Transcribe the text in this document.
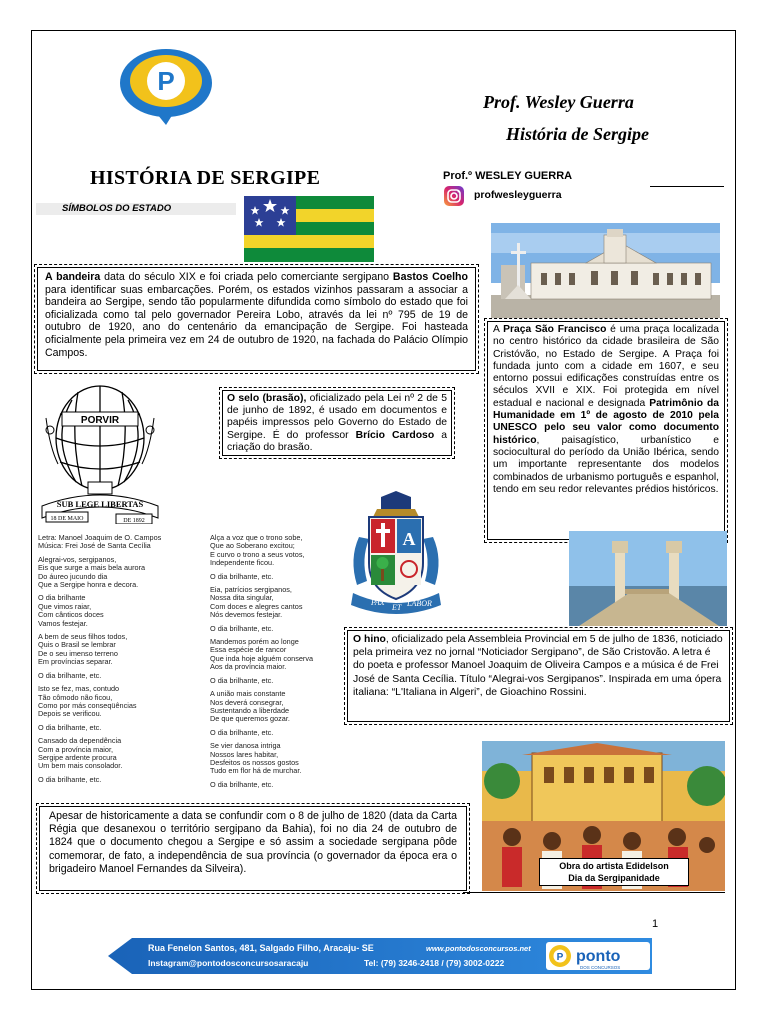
P
Prof. Wesley Guerra
História de Sergipe
HISTÓRIA DE SERGIPE
SÍMBOLOS DO ESTADO
Prof.º WESLEY GUERRA
profwesleyguerra

A bandeira data do século XIX e foi criada pelo comerciante sergipano Bastos Coelho para identificar suas embarcações. Porém, os estados vizinhos passaram a associar a bandeira ao Sergipe, sendo tão popularmente difundida como símbolo do estado que foi oficializada como tal pelo governador Pereira Lobo, através da lei nº 795 de 19 de outubro de 1920, ano do centenário da emancipação de Sergipe. Foi hasteada oficialmente pela primeira vez em 24 de outubro de 1920, na fachada do Palácio Olímpio Campos.

A Praça São Francisco é uma praça localizada no centro histórico da cidade brasileira de São Cristóvão, no Estado de Sergipe. A Praça foi fundada junto com a cidade em 1607, e seu entorno possui edificações construídas entre os séculos XVII e XIX. Foi protegida em nível estadual e nacional e designada Patrimônio da Humanidade em 1º de agosto de 2010 pela UNESCO pelo seu valor como documento histórico, paisagístico, urbanístico e sociocultural do período da União Ibérica, sendo um importante representante dos modelos combinados de urbanismo português e espanhol, tendo em seu redor relevantes prédios históricos.

PORVIR
SUB LEGE LIBERTAS
18 DE MAIO	DE 1892

O selo (brasão), oficializado pela Lei nº 2 de 5 de junho de 1892, é usado em documentos e papéis impressos pelo Governo do Estado de Sergipe. É do professor Brício Cardoso a criação do brasão.

Letra: Manoel Joaquim de O. Campos
Música: Frei José de Santa Cecília

Alegrai-vos, sergipanos,
Eis que surge a mais bela aurora
Do áureo jucundo dia
Que a Sergipe honra e decora.

O dia brilhante
Que vimos raiar,
Com cânticos doces
Vamos festejar.

A bem de seus filhos todos,
Quis o Brasil se lembrar
De o seu imenso terreno
Em províncias separar.

O dia brilhante, etc.

Isto se fez, mas, contudo
Tão cômodo não ficou,
Como por más conseqüências
Depois se verificou.

O dia brilhante, etc.

Cansado da dependência
Com a província maior,
Sergipe ardente procura
Um bem mais consolador.

O dia brilhante, etc.

Alça a voz que o trono sobe,
Que ao Soberano excitou;
E curvo o trono a seus votos,
Independente ficou.

O dia brilhante, etc.

Eia, patrícios sergipanos,
Nossa dita singular,
Com doces e alegres cantos
Nós devemos festejar.

O dia brilhante, etc.

Mandemos porém ao longe
Essa espécie de rancor
Que inda hoje alguém conserva
Aos da província maior.

O dia brilhante, etc.

A união mais constante
Nos deverá consegrar,
Sustentando a liberdade
De que queremos gozar.

O dia brilhante, etc.

Se vier danosa intriga
Nossos lares habitar,
Desfeitos os nossos gostos
Tudo em flor há de murchar.

O dia brilhante, etc.

A
PAX
ET LABOR

O hino, oficializado pela Assembleia Provincial em 5 de julho de 1836, noticiado pela primeira vez no jornal “Noticiador Sergipano”, de São Cristovão. A letra é do poeta e professor Manoel Joaquim de Oliveira Campos e a música é de Frei José de Santa Cecília. Título “Alegrai-vos Sergipanos”. Inspirada em uma ópera italiana: “L'Italiana in Algeri”, de Gioachino Rossini.

Obra do artista Edidelson
Dia da Sergipanidade

Apesar de historicamente a data se confundir com o 8 de julho de 1820 (data da Carta Régia que desanexou o território sergipano da Bahia), foi no dia 24 de outubro de 1824 que o documento chegou a Sergipe e só assim a sociedade sergipana pôde comemorar, de fato, a independência de sua província (o governador da época era o brigadeiro Manoel Fernandes da Silveira).

1
P ponto
DOS CONCURSOS
Rua Fenelon Santos, 481, Salgado Filho, Aracaju- SE	www.pontodosconcursos.net
Instagram@pontodosconcursosaracaju	Tel: (79) 3246-2418 / (79) 3002-0222
